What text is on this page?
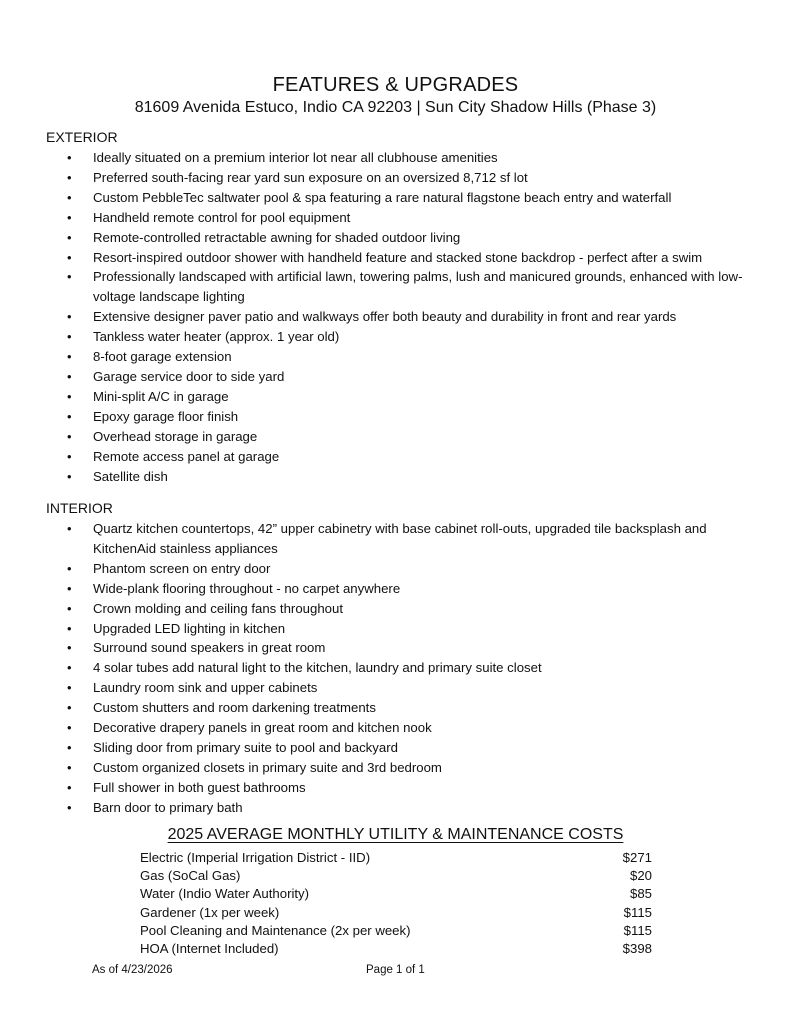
FEATURES & UPGRADES
81609 Avenida Estuco, Indio CA 92203 | Sun City Shadow Hills (Phase 3)
EXTERIOR
• Ideally situated on a premium interior lot near all clubhouse amenities
• Preferred south-facing rear yard sun exposure on an oversized 8,712 sf lot
• Custom PebbleTec saltwater pool & spa featuring a rare natural flagstone beach entry and waterfall
• Handheld remote control for pool equipment
• Remote-controlled retractable awning for shaded outdoor living
• Resort-inspired outdoor shower with handheld feature and stacked stone backdrop - perfect after a swim
• Professionally landscaped with artificial lawn, towering palms, lush and manicured grounds, enhanced with low-voltage landscape lighting
• Extensive designer paver patio and walkways offer both beauty and durability in front and rear yards
• Tankless water heater (approx. 1 year old)
• 8-foot garage extension
• Garage service door to side yard
• Mini-split A/C in garage
• Epoxy garage floor finish
• Overhead storage in garage
• Remote access panel at garage
• Satellite dish
INTERIOR
• Quartz kitchen countertops, 42” upper cabinetry with base cabinet roll-outs, upgraded tile backsplash and KitchenAid stainless appliances
• Phantom screen on entry door
• Wide-plank flooring throughout - no carpet anywhere
• Crown molding and ceiling fans throughout
• Upgraded LED lighting in kitchen
• Surround sound speakers in great room
• 4 solar tubes add natural light to the kitchen, laundry and primary suite closet
• Laundry room sink and upper cabinets
• Custom shutters and room darkening treatments
• Decorative drapery panels in great room and kitchen nook
• Sliding door from primary suite to pool and backyard
• Custom organized closets in primary suite and 3rd bedroom
• Full shower in both guest bathrooms
• Barn door to primary bath
2025 AVERAGE MONTHLY UTILITY & MAINTENANCE COSTS
Electric (Imperial Irrigation District - IID)	$271
Gas (SoCal Gas)	$20
Water (Indio Water Authority)	$85
Gardener (1x per week)	$115
Pool Cleaning and Maintenance (2x per week)	$115
HOA (Internet Included)	$398
As of 4/23/2026	Page 1 of 1
